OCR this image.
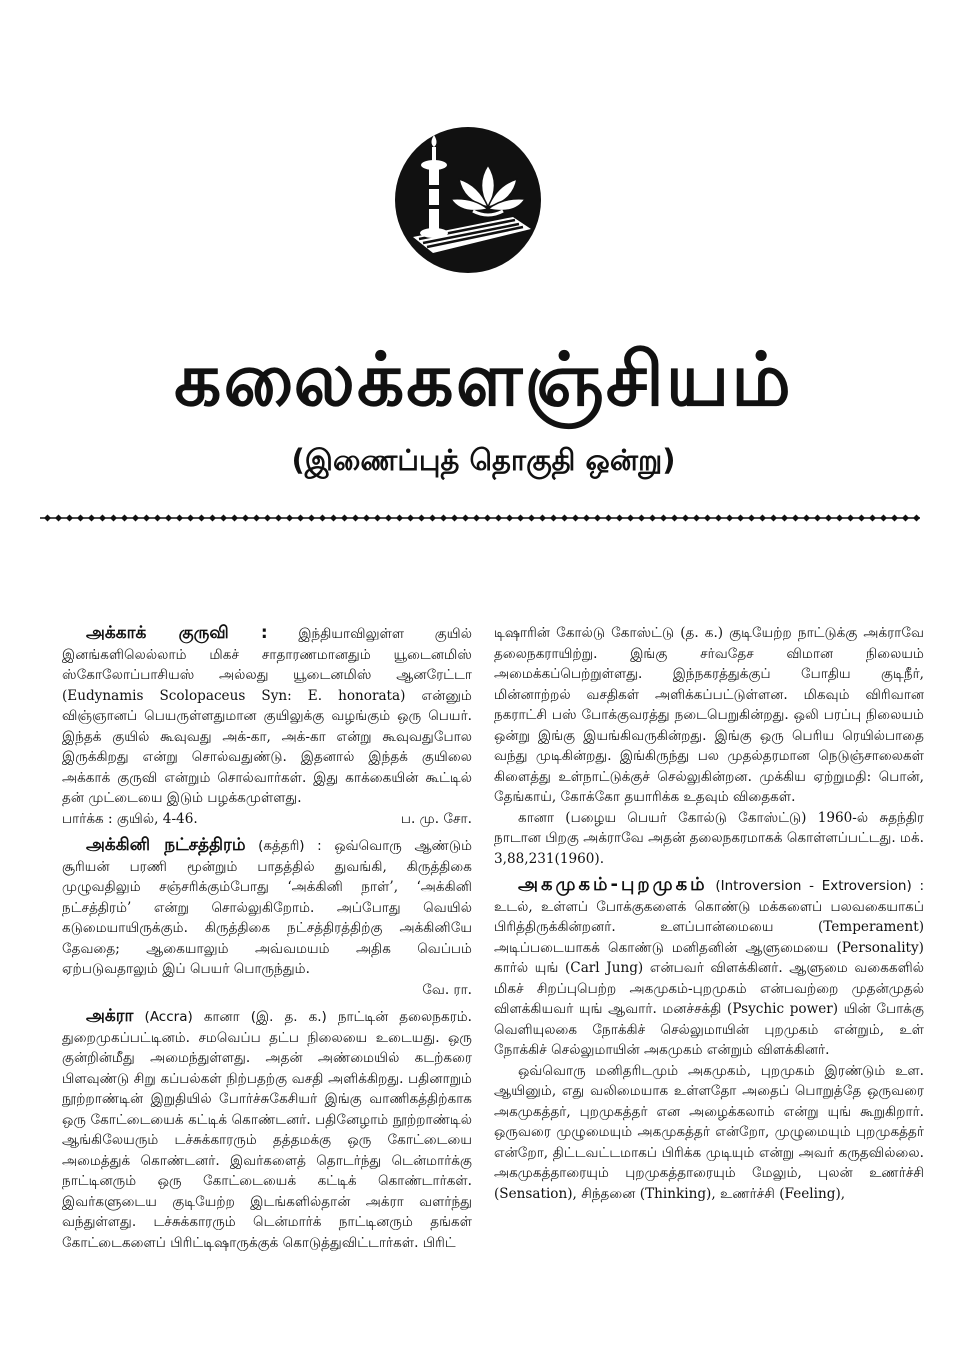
கலைக்களஞ்சியம்
(இணைப்புத் தொகுதி ஒன்று)

அக்காக் குருவி : இந்தியாவிலுள்ள குயில் இனங்களிலெல்லாம் மிகச் சாதாரணமானதும் யூடைனமிஸ் ஸ்கோலோப்பாசியஸ் அல்லது யூடைனமிஸ் ஆனரேட்டா (Eudynamis Scolopaceus Syn: E. honorata) என்னும் விஞ்ஞானப் பெயருள்ளதுமான குயிலுக்கு வழங்கும் ஒரு பெயர். இந்தக் குயில் கூவுவது அக்-கா, அக்-கா என்று கூவுவதுபோல இருக்கிறது என்று சொல்வதுண்டு. இதனால் இந்தக் குயிலை அக்காக் குருவி என்றும் சொல்வார்கள். இது காக்கையின் கூட்டில் தன் முட்டையை இடும் பழக்கமுள்ளது.

பார்க்க : குயில், 4-46.	ப. மு. சோ.

அக்கினி நட்சத்திரம் (கத்தரி) : ஒவ்வொரு ஆண்டும் சூரியன் பரணி மூன்றும் பாதத்தில் துவங்கி, கிருத்திகை முழுவதிலும் சஞ்சரிக்கும்போது ‘அக்கினி நாள்’, ‘அக்கினி நட்சத்திரம்’ என்று சொல்லுகிறோம். அப்போது வெயில் கடுமையாயிருக்கும். கிருத்திகை நட்சத்திரத்திற்கு அக்கினியே தேவதை; ஆகையாலும் அவ்வமயம் அதிக வெப்பம் ஏற்படுவதாலும் இப் பெயர் பொருந்தும்.

வே. ரா.

அக்ரா (Accra) கானா (இ. த. க.) நாட்டின் தலைநகரம். துறைமுகப்பட்டினம். சமவெப்ப தட்ப நிலையை உடையது. ஒரு குன்றின்மீது அமைந்துள்ளது. அதன் அண்மையில் கடற்கரை பிளவுண்டு சிறு கப்பல்கள் நிற்பதற்கு வசதி அளிக்கிறது. பதினாறும் நூற்றாண்டின் இறுதியில் போர்ச்சுகேசியர் இங்கு வாணிகத்திற்காக ஒரு கோட்டையைக் கட்டிக் கொண்டனர். பதினேழாம் நூற்றாண்டில் ஆங்கிலேயரும் டச்சுக்காரரும் தத்தமக்கு ஒரு கோட்டையை அமைத்துக் கொண்டனர். இவர்களைத் தொடர்ந்து டென்மார்க்கு நாட்டினரும் ஒரு கோட்டையைக் கட்டிக் கொண்டார்கள். இவர்களுடைய குடியேற்ற இடங்களில்தான் அக்ரா வளர்ந்து வந்துள்ளது. டச்சுக்காரரும் டென்மார்க் நாட்டினரும் தங்கள் கோட்டைகளைப் பிரிட்டிஷாருக்குக் கொடுத்துவிட்டார்கள். பிரிட்

டிஷாரின் கோல்டு கோஸ்ட்டு (த. க.) குடியேற்ற நாட்டுக்கு அக்ராவே தலைநகராயிற்று. இங்கு சர்வதேச விமான நிலையம் அமைக்கப்பெற்றுள்ளது. இந்நகரத்துக்குப் போதிய குடிநீர், மின்னாற்றல் வசதிகள் அளிக்கப்பட்டுள்ளன. மிகவும் விரிவான நகராட்சி பஸ் போக்குவரத்து நடைபெறுகின்றது. ஒலி பரப்பு நிலையம் ஒன்று இங்கு இயங்கிவருகின்றது. இங்கு ஒரு பெரிய ரெயில்பாதை வந்து முடிகின்றது. இங்கிருந்து பல முதல்தரமான நெடுஞ்சாலைகள் கிளைத்து உள்நாட்டுக்குச் செல்லுகின்றன. முக்கிய ஏற்றுமதி: பொன், தேங்காய், கோக்கோ தயாரிக்க உதவும் விதைகள்.

கானா (பழைய பெயர் கோல்டு கோஸ்ட்டு) 1960-ல் சுதந்திர நாடான பிறகு அக்ராவே அதன் தலைநகரமாகக் கொள்ளப்பட்டது. மக். 3,88,231(1960).

அகமுகம்-புறமுகம் (Introversion - Extroversion) : உடல், உள்ளப் போக்குகளைக் கொண்டு மக்களைப் பலவகையாகப் பிரித்திருக்கின்றனர். உளப்பான்மையை (Temperament) அடிப்படையாகக் கொண்டு மனிதனின் ஆளுமையை (Personality) கார்ல் யுங் (Carl Jung) என்பவர் விளக்கினர். ஆளுமை வகைகளில் மிகச் சிறப்புபெற்ற அகமுகம்-புறமுகம் என்பவற்றை முதன்முதல் விளக்கியவர் யுங் ஆவார். மனச்சக்தி (Psychic power) யின் போக்கு வெளியுலகை நோக்கிச் செல்லுமாயின் புறமுகம் என்றும், உள் நோக்கிச் செல்லுமாயின் அகமுகம் என்றும் விளக்கினர்.

ஒவ்வொரு மனிதரிடமும் அகமுகம், புறமுகம் இரண்டும் உள. ஆயினும், எது வலிமையாக உள்ளதோ அதைப் பொறுத்தே ஒருவரை அகமுகத்தர், புறமுகத்தர் என அழைக்கலாம் என்று யுங் கூறுகிறார். ஒருவரை முழுமையும் அகமுகத்தர் என்றோ, முழுமையும் புறமுகத்தர் என்றோ, திட்டவட்டமாகப் பிரிக்க முடியும் என்று அவர் கருதவில்லை. அகமுகத்தாரையும் புறமுகத்தாரையும் மேலும், புலன் உணர்ச்சி (Sensation), சிந்தனை (Thinking), உணர்ச்சி (Feeling),
